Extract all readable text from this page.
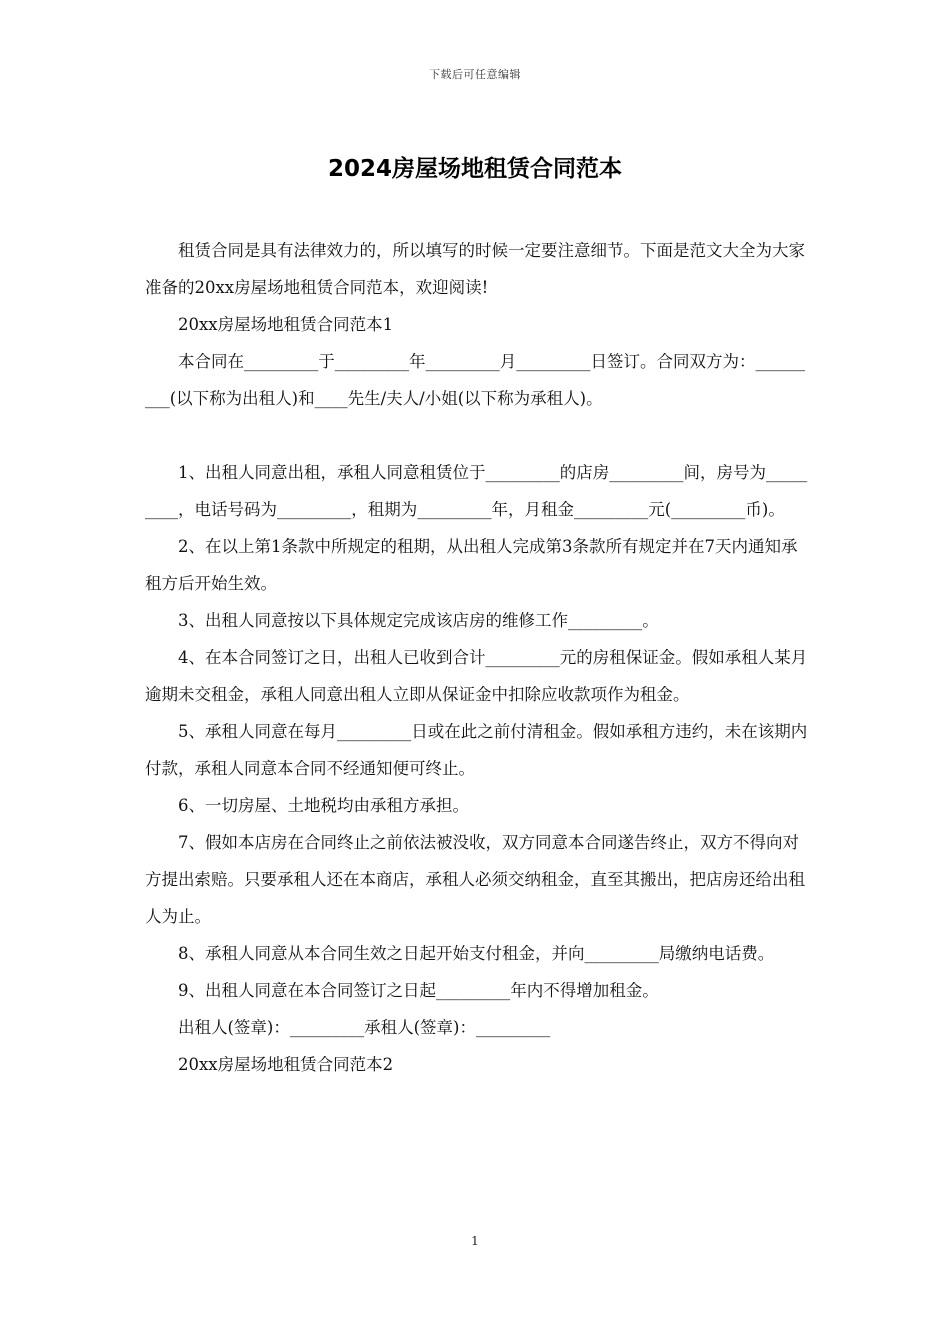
下载后可任意编辑
2024房屋场地租赁合同范本

租赁合同是具有法律效力的，所以填写的时候一定要注意细节。下面是范文大全为大家准备的20xx房屋场地租赁合同范本，欢迎阅读!

20xx房屋场地租赁合同范本1

本合同在_________于_________年_________月_________日签订。合同双方为：_________(以下称为出租人)和____先生/夫人/小姐(以下称为承租人)。

1、出租人同意出租，承租人同意租赁位于_________的店房_________间，房号为_________，电话号码为_________，租期为_________年，月租金_________元(_________币)。

2、在以上第1条款中所规定的租期，从出租人完成第3条款所有规定并在7天内通知承租方后开始生效。

3、出租人同意按以下具体规定完成该店房的维修工作_________。

4、在本合同签订之日，出租人已收到合计_________元的房租保证金。假如承租人某月逾期未交租金，承租人同意出租人立即从保证金中扣除应收款项作为租金。

5、承租人同意在每月_________日或在此之前付清租金。假如承租方违约，未在该期内付款，承租人同意本合同不经通知便可终止。

6、一切房屋、土地税均由承租方承担。

7、假如本店房在合同终止之前依法被没收，双方同意本合同遂告终止，双方不得向对方提出索赔。只要承租人还在本商店，承租人必须交纳租金，直至其搬出，把店房还给出租人为止。

8、承租人同意从本合同生效之日起开始支付租金，并向_________局缴纳电话费。

9、出租人同意在本合同签订之日起_________年内不得增加租金。

出租人(签章)：_________承租人(签章)：_________

20xx房屋场地租赁合同范本2

1
